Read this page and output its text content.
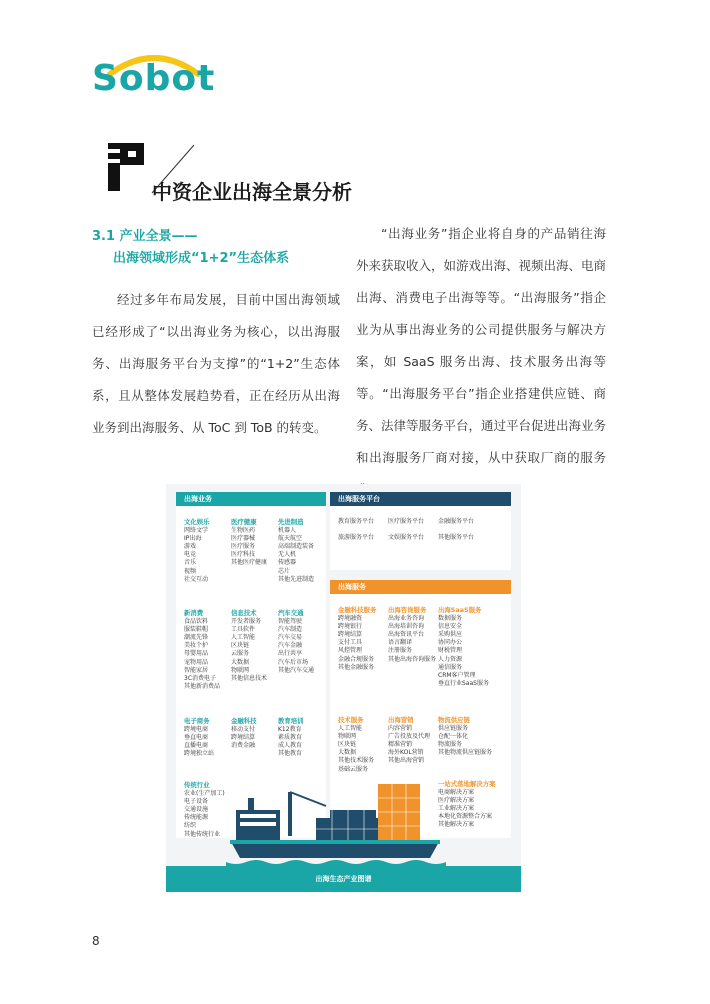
Sobot
中资企业出海全景分析
3.1 产业全景——
出海领域形成“1+2”生态体系
经过多年布局发展，目前中国出海领域已经形成了“以出海业务为核心，以出海服务、出海服务平台为支撑”的“1+2”生态体系，且从整体发展趋势看，正在经历从出海业务到出海服务、从 ToC 到 ToB 的转变。
“出海业务”指企业将自身的产品销往海外来获取收入，如游戏出海、视频出海、电商出海、消费电子出海等等。“出海服务”指企业为从事出海业务的公司提供服务与解决方案，如 SaaS 服务出海、技术服务出海等等。“出海服务平台”指企业搭建供应链、商务、法律等服务平台，通过平台促进出海业务和出海服务厂商对接，从中获取厂商的服务
出海业务	出海服务平台
出海服务
教育服务平台
旅游服务平台
医疗服务平台
文娱服务平台
金融服务平台
其他服务平台
文化娱乐
网络文学
IP出海
游戏
电竞
音乐
视频
社交互动
医疗健康
生物医药
医疗器械
医疗服务
医疗科技
其他医疗健康
先进制造
机器人
航天航空
高端制造装备
无人机
传感器
芯片
其他先进制造
新消费
食品饮料
服装鞋帽
潮流先锋
美妆个护
母婴用品
宠物用品
智能家居
3C消费电子
其他新消费品
信息技术
开发者服务
工具软件
人工智能
区块链
云服务
大数据
物联网
其他信息技术
汽车交通
智能驾驶
汽车制造
汽车交易
汽车金融
出行共享
汽车后市场
其他汽车交通
电子商务
跨境电商
垂直电商
直播电商
跨境独立站
金融科技
移动支付
跨境结算
消费金融
教育培训
K12教育
素质教育
成人教育
其他教育
传统行业
农业(生产加工)
电子设备
交通设施
传统能源
纺织
其他传统行业
金融科技服务
跨境融资
跨境银行
跨境结算
支付工具
风控管理
金融合规服务
其他金融服务
出海咨询服务
出海业务咨询
出海培训咨询
出海资讯平台
语言翻译
注册服务
其他出海咨询服务
出海SaaS服务
数据服务
信息安全
采购供应
协同办公
财税管理
人力资源
通信服务
CRM客户管理
垂直行业SaaS服务
技术服务
人工智能
物联网
区块链
大数据
其他技术服务
基础云服务
出海营销
内容营销
广告投放及代理
精准营销
海外KOL营销
其他出海营销
物流供应链
供应链服务
仓配一体化
物流服务
其他物流供应链服务
一站式落地解决方案
电商解决方案
医疗解决方案
工业解决方案
本地化资源整合方案
其他解决方案
出海生态产业图谱
8
